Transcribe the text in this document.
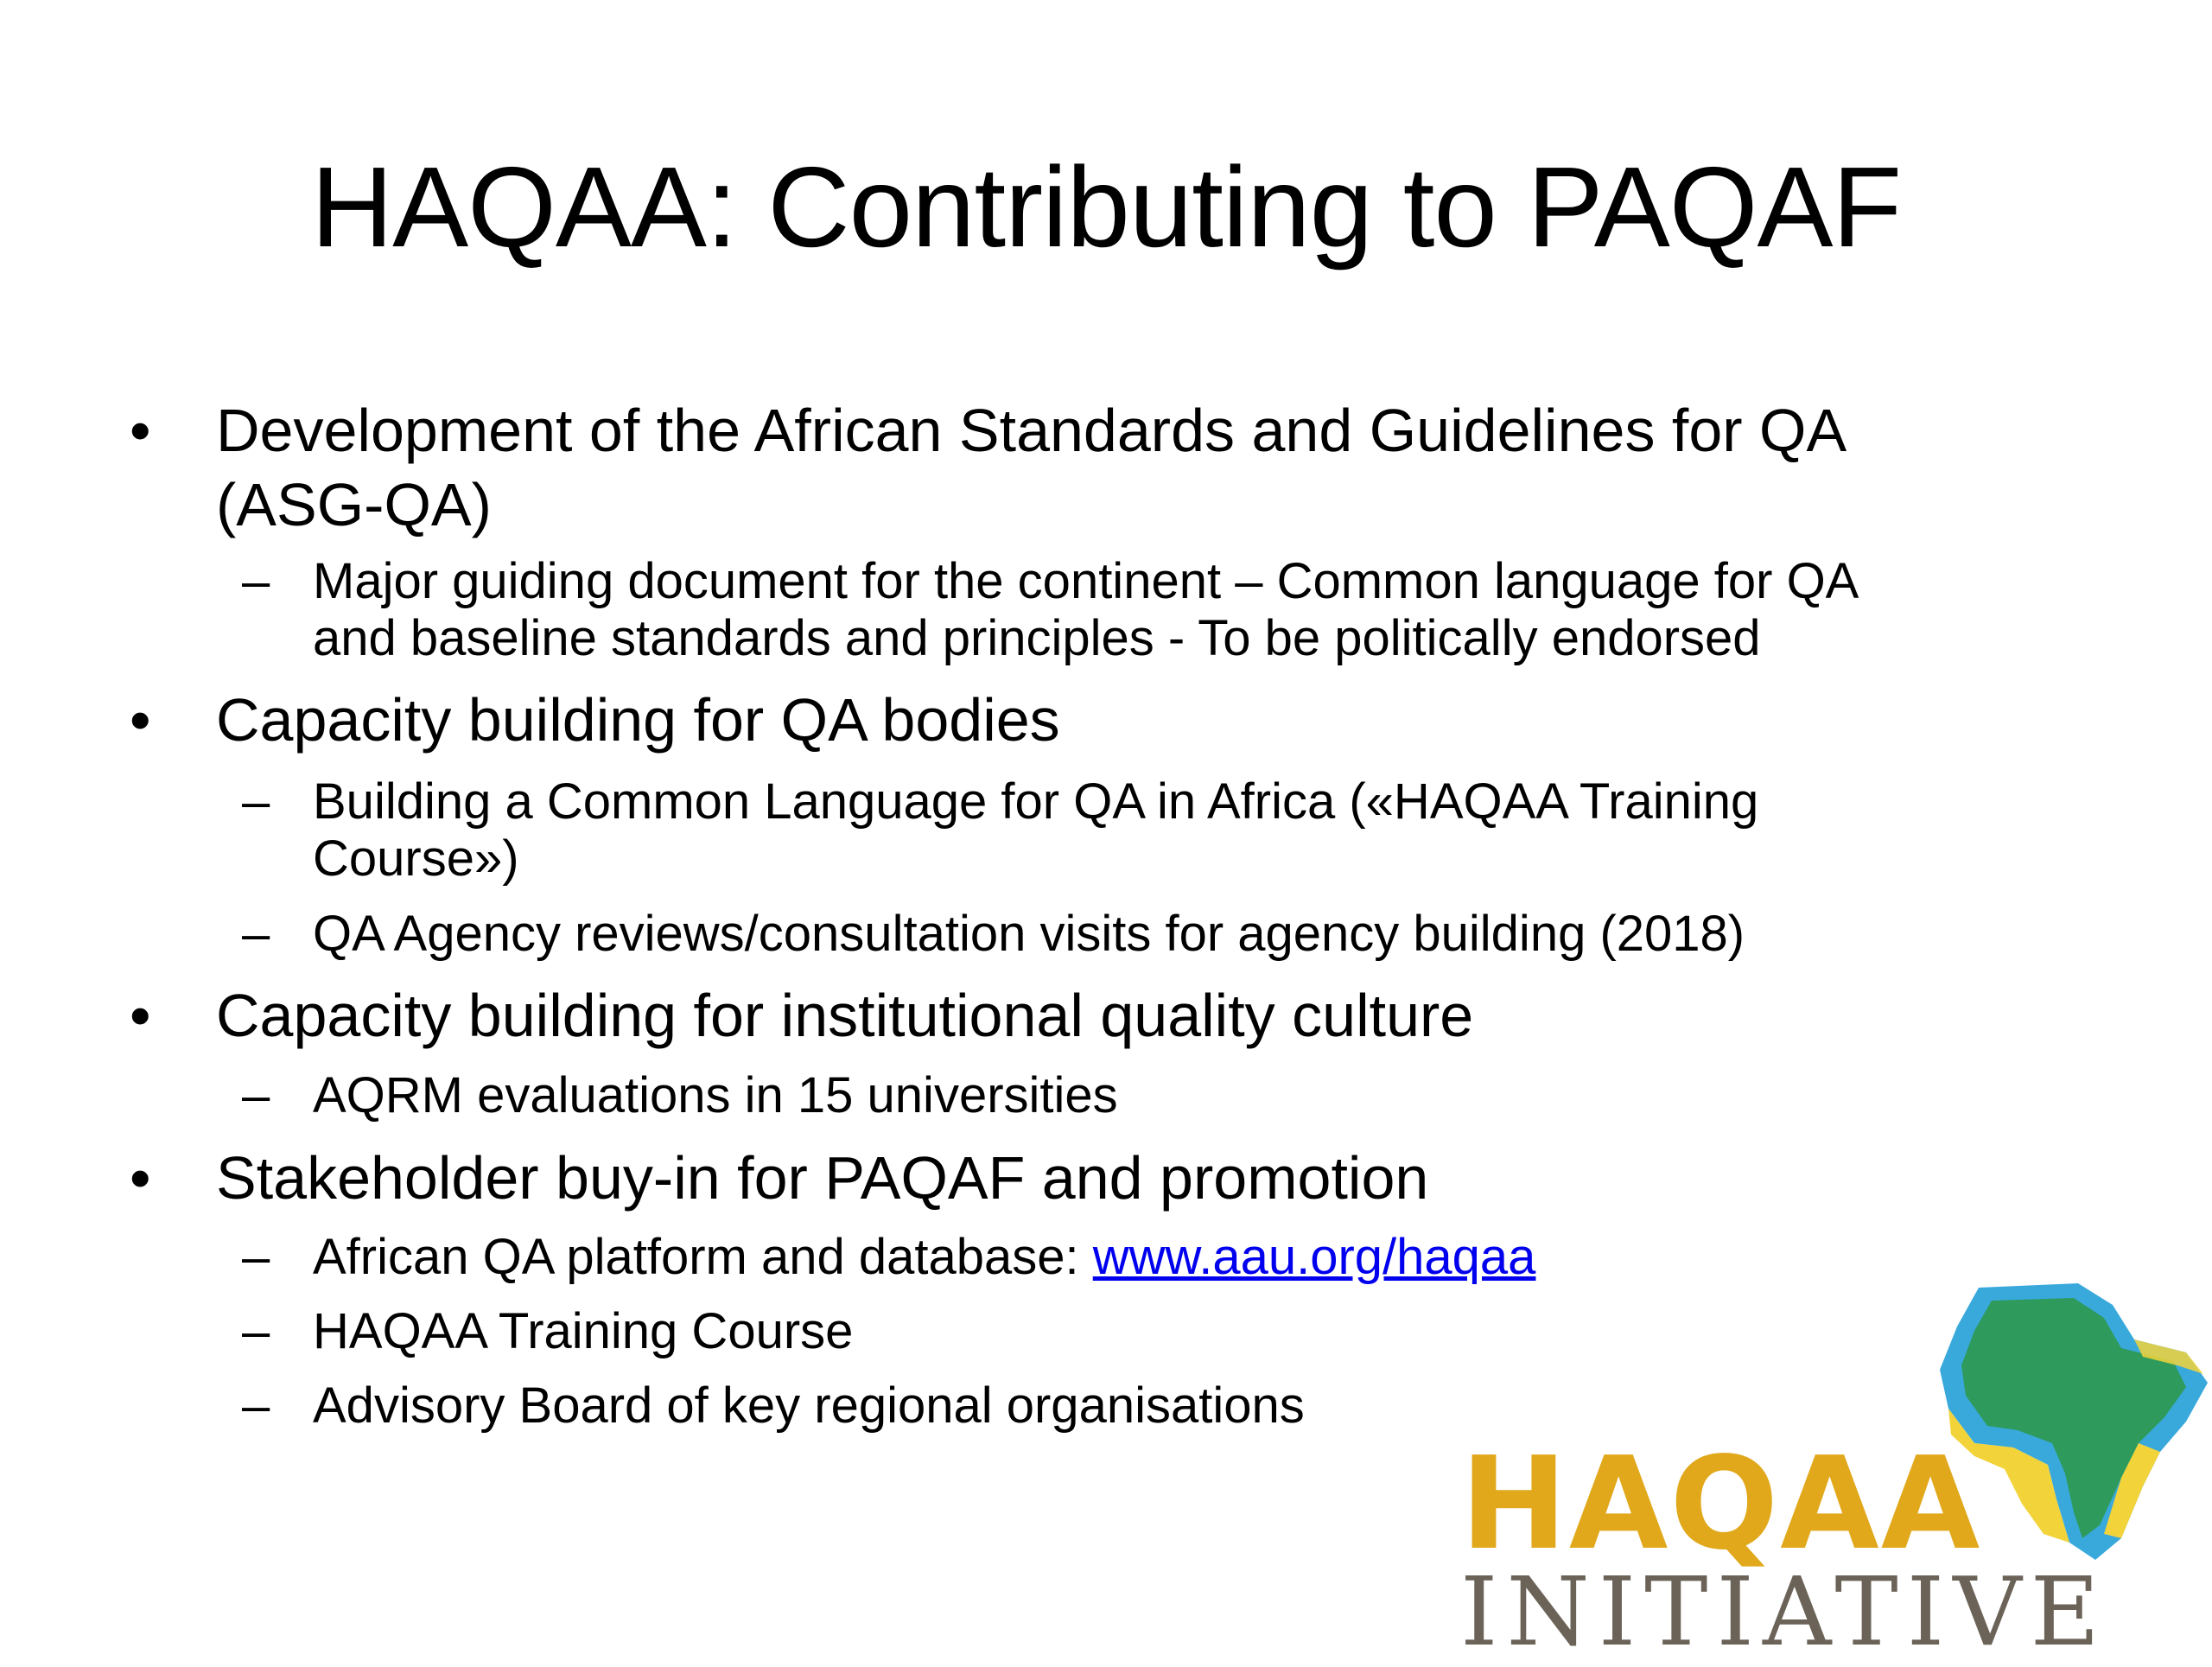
HAQAA: Contributing to PAQAF
• Development of the African Standards and Guidelines for QA
(ASG-QA)
– Major guiding document for the continent – Common language for QA
and baseline standards and principles - To be politically endorsed
• Capacity building for QA bodies
– Building a Common Language for QA in Africa («HAQAA Training
Course»)
– QA Agency reviews/consultation visits for agency building (2018)
• Capacity building for institutional quality culture
– AQRM evaluations in 15 universities
• Stakeholder buy-in for PAQAF and promotion
– African QA platform and database: www.aau.org/haqaa
– HAQAA Training Course
– Advisory Board of key regional organisations
HAQAA
INITIATIVE
